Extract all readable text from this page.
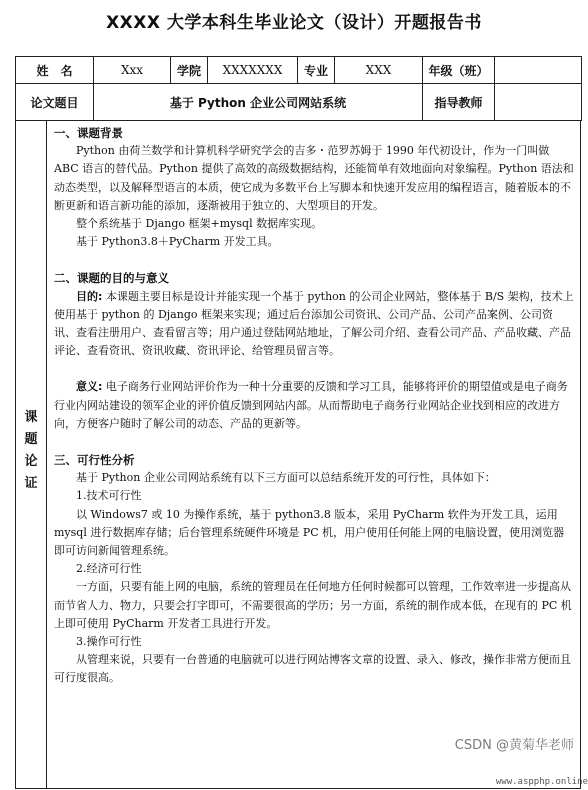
XXXX 大学本科生毕业论文（设计）开题报告书
姓　名	Xxx	学院	XXXXXXX	专业	XXX	年级（班）	
论文题目	基于 Python 企业公司网站系统					指导教师	
课
题
论
证

一、课题背景

Python 由荷兰数学和计算机科学研究学会的吉多・范罗苏姆于 1990 年代初设计，作为一门叫做 ABC 语言的替代品。Python 提供了高效的高级数据结构，还能简单有效地面向对象编程。Python 语法和动态类型，以及解释型语言的本质，使它成为多数平台上写脚本和快速开发应用的编程语言，随着版本的不断更新和语言新功能的添加，逐渐被用于独立的、大型项目的开发。

整个系统基于 Django 框架+mysql 数据库实现。

基于 Python3.8＋PyCharm 开发工具。

二、课题的目的与意义

目的: 本课题主要目标是设计并能实现一个基于 python 的公司企业网站，整体基于 B/S 架构，技术上使用基于 python 的 Django 框架来实现；通过后台添加公司资讯、公司产品、公司产品案例、公司资讯、查看注册用户、查看留言等；用户通过登陆网站地址，了解公司介绍、查看公司产品、产品收藏、产品评论、查看资讯、资讯收藏、资讯评论、给管理员留言等。

意义: 电子商务行业网站评价作为一种十分重要的反馈和学习工具，能够将评价的期望值或是电子商务行业内网站建设的领军企业的评价值反馈到网站内部。从而帮助电子商务行业网站企业找到相应的改进方向，方便客户随时了解公司的动态、产品的更新等。

三、可行性分析

基于 Python 企业公司网站系统有以下三方面可以总结系统开发的可行性，具体如下：

1.技术可行性

以 Windows7 或 10 为操作系统，基于 python3.8 版本，采用 PyCharm 软件为开发工具，运用 mysql 进行数据库存储；后台管理系统硬件环境是 PC 机，用户使用任何能上网的电脑设置，使用浏览器即可访问新闻管理系统。

2.经济可行性

一方面，只要有能上网的电脑，系统的管理员在任何地方任何时候都可以管理，工作效率进一步提高从而节省人力、物力，只要会打字即可，不需要很高的学历；另一方面，系统的制作成本低，在现有的 PC 机上即可使用 PyCharm 开发者工具进行开发。

3.操作可行性

从管理来说，只要有一台普通的电脑就可以进行网站博客文章的设置、录入、修改，操作非常方便而且可行度很高。

CSDN @黄菊华老师
www.aspphp.online
